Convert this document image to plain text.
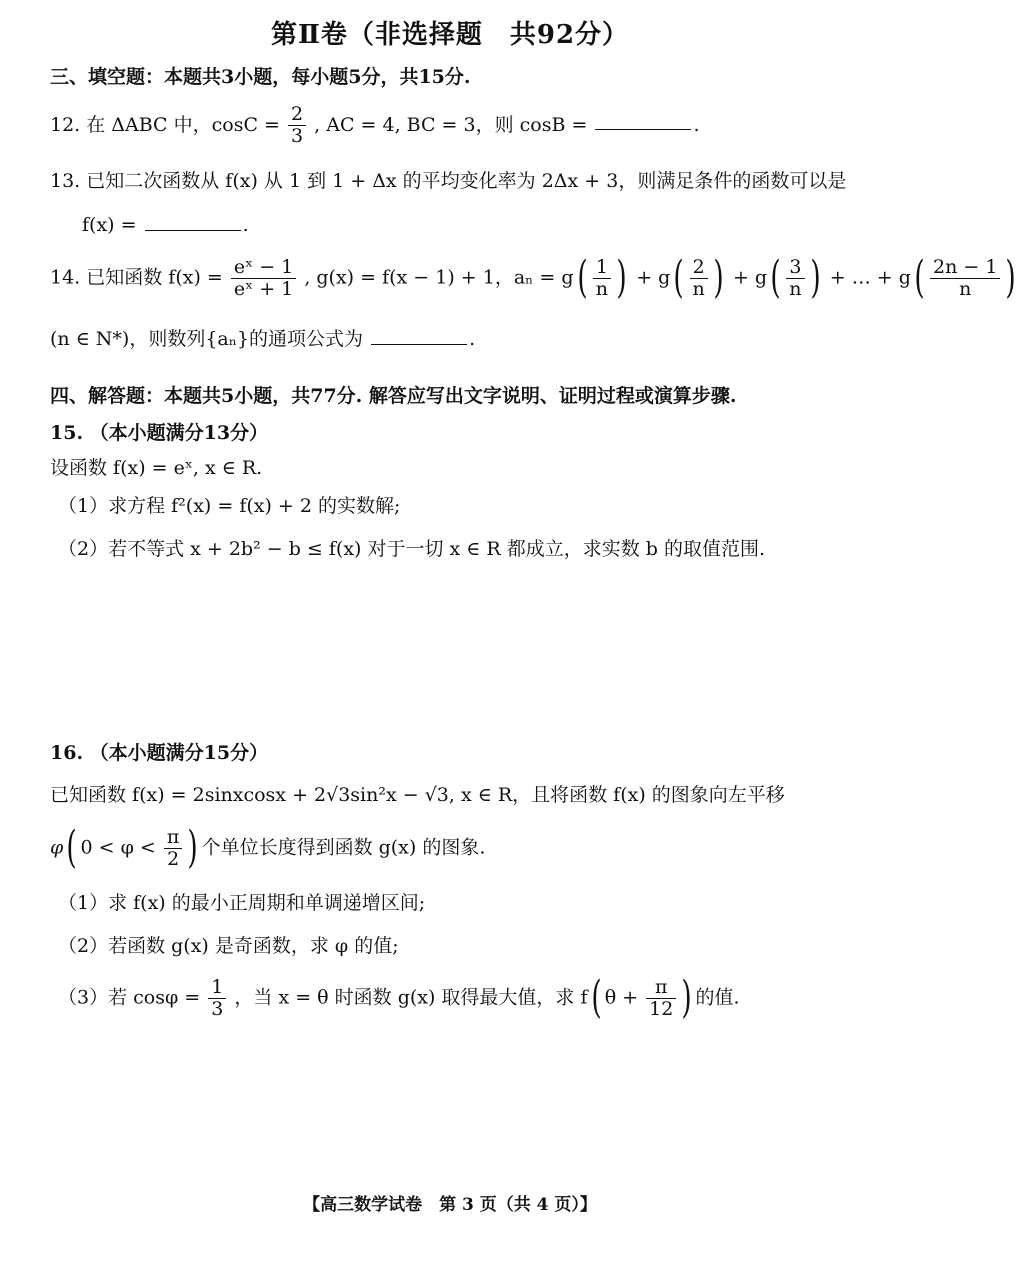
第Ⅱ卷（非选择题　共92分）
三、填空题：本题共3小题，每小题5分，共15分.
12. 在 ΔABC 中，$\cos C = \frac{2}{3}$ , AC = 4, BC = 3，则 cosB =	.
13. 已知二次函数从 f(x) 从 1 到 1 + Δx 的平均变化率为 2Δx + 3，则满足条件的函数可以是
f(x) =	.
14. 已知函数 $f(x) = \frac{\text{eˣ − 1}}{\text{eˣ + 1}}$ , g(x) = f(x − 1) + 1，$a_n = g( \frac{1}{n}$ ) + $g( \frac{2}{n}$ ) + $g( \frac{3}{n}$ ) + … + $g( \frac{2n - 1}{n}$ )
(n ∈ N*)，则数列{aₙ}的通项公式为	.
四、解答题：本题共5小题，共77分. 解答应写出文字说明、证明过程或演算步骤.
15. （本小题满分13分）
设函数 f(x) = eˣ, x ∈ R.
（1）求方程 f²(x) = f(x) + 2 的实数解;
（2）若不等式 x + 2b² − b ≤ f(x) 对于一切 x ∈ R 都成立，求实数 b 的取值范围.
16. （本小题满分15分）
已知函数 f(x) = 2sinxcosx + 2√3sin²x − √3, x ∈ R，且将函数 f(x) 的图象向左平移
φ( $0 < \varphi < \frac{\pi}{2}$ ) 个单位长度得到函数 g(x) 的图象.
（1）求 f(x) 的最小正周期和单调递增区间;
（2）若函数 g(x) 是奇函数，求 φ 的值;
（3）若 $\cos\varphi = \frac{1}{3}$ ，当 x = θ 时函数 g(x) 取得最大值，求 f( $\theta + \frac{\pi}{12}$ ) 的值.
【高三数学试卷　第 3 页（共 4 页）】
